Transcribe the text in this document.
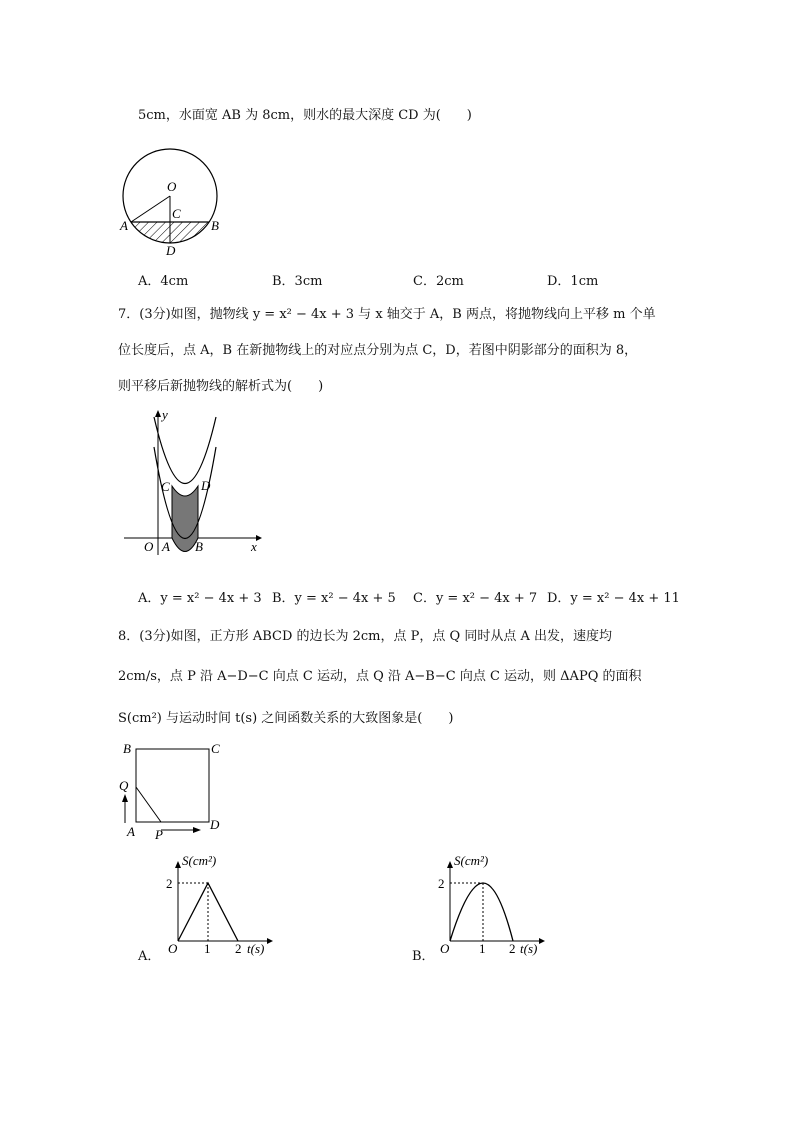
5cm，水面宽 AB 为 8cm，则水的最大深度 CD 为(　　)
O
C
A	B
D
A．4cm	B．3cm	C．2cm	D．1cm
7．(3分)如图，抛物线 y = x² − 4x + 3 与 x 轴交于 A，B 两点，将抛物线向上平移 m 个单
位长度后，点 A，B 在新抛物线上的对应点分别为点 C，D，若图中阴影部分的面积为 8，
则平移后新抛物线的解析式为(　　)
y
x
O A B
C D
A．y = x² − 4x + 3 B．y = x² − 4x + 5 C．y = x² − 4x + 7 D．y = x² − 4x + 11
8．(3分)如图，正方形 ABCD 的边长为 2cm，点 P，点 Q 同时从点 A 出发，速度均
2cm/s，点 P 沿 A−D−C 向点 C 运动，点 Q 沿 A−B−C 向点 C 运动，则 ΔAPQ 的面积
S(cm²) 与运动时间 t(s) 之间函数关系的大致图象是(　　)
B	C
Q
A	D
P
A．
S(cm²)
2
O 1 2 t(s)
B．
S(cm²)
2
O 1 2 t(s)
